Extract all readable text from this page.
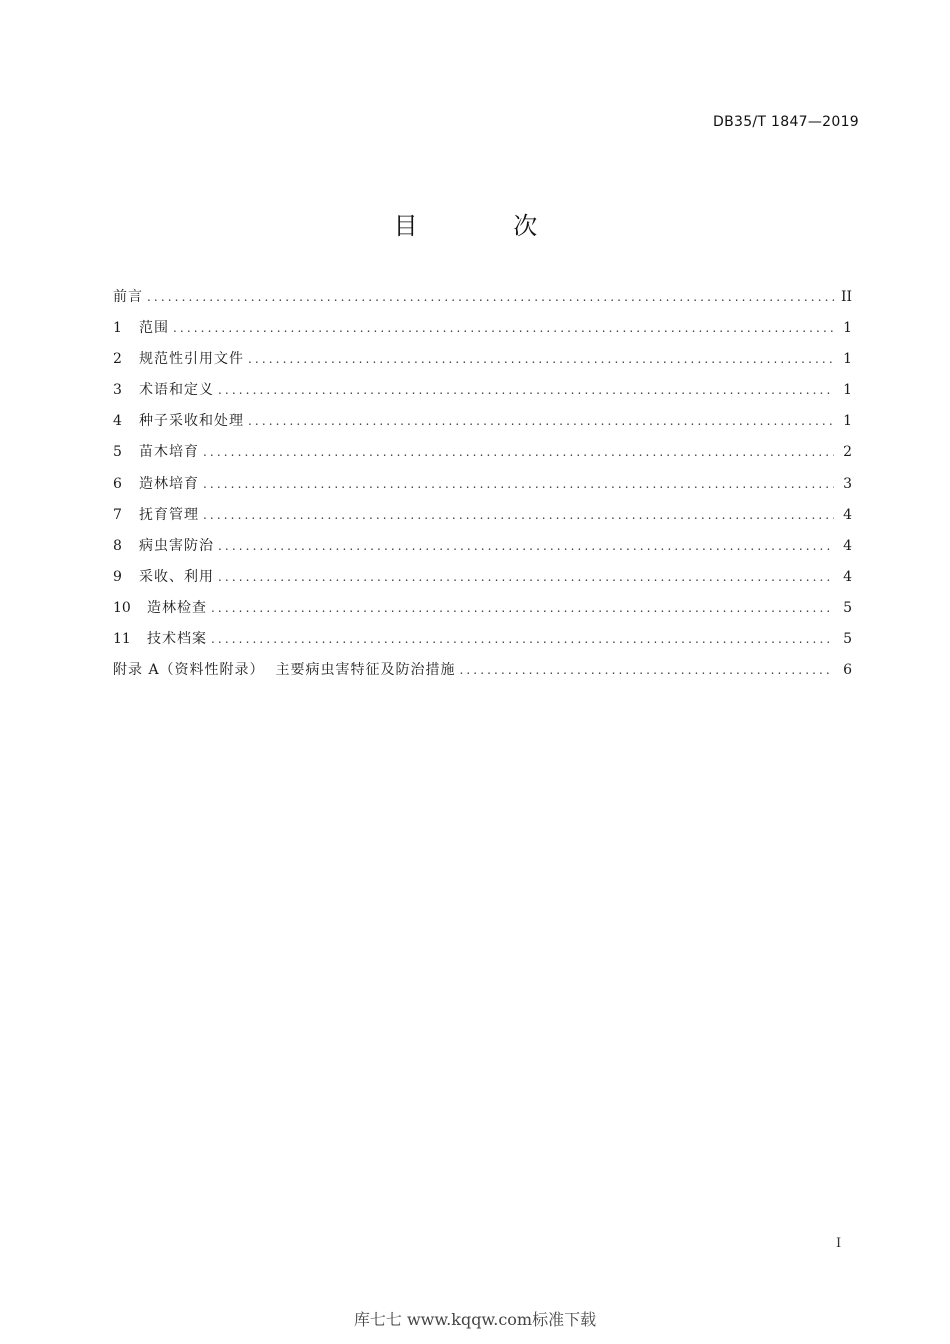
DB35/T 1847—2019
目 次
前言 .....	II
1	范围 .....	1
2	规范性引用文件 .....	1
3	术语和定义 .....	1
4	种子采收和处理 .....	1
5	苗木培育 .....	2
6	造林培育 .....	3
7	抚育管理 .....	4
8	病虫害防治 .....	4
9	采收、利用 .....	4
10	造林检查 .....	5
11	技术档案 .....	5
附录 A（资料性附录）  主要病虫害特征及防治措施 .....	6
I
库七七 www.kqqw.com标准下载
